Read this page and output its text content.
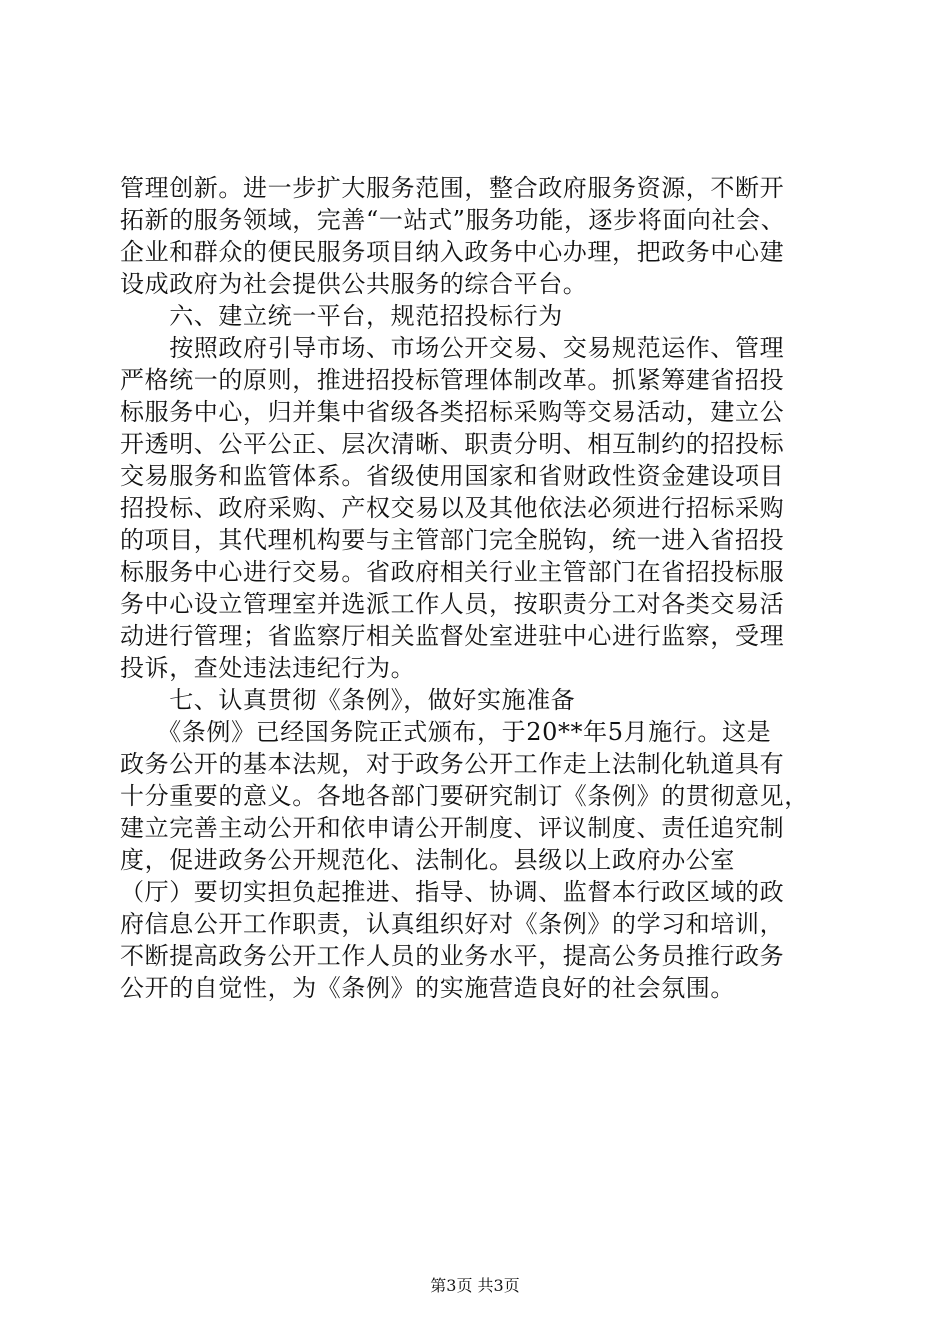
管理创新。进一步扩大服务范围，整合政府服务资源，不断开
拓新的服务领域，完善“一站式”服务功能，逐步将面向社会、
企业和群众的便民服务项目纳入政务中心办理，把政务中心建
设成政府为社会提供公共服务的综合平台。
　　六、建立统一平台，规范招投标行为
　　按照政府引导市场、市场公开交易、交易规范运作、管理
严格统一的原则，推进招投标管理体制改革。抓紧筹建省招投
标服务中心，归并集中省级各类招标采购等交易活动，建立公
开透明、公平公正、层次清晰、职责分明、相互制约的招投标
交易服务和监管体系。省级使用国家和省财政性资金建设项目
招投标、政府采购、产权交易以及其他依法必须进行招标采购
的项目，其代理机构要与主管部门完全脱钩，统一进入省招投
标服务中心进行交易。省政府相关行业主管部门在省招投标服
务中心设立管理室并选派工作人员，按职责分工对各类交易活
动进行管理；省监察厅相关监督处室进驻中心进行监察，受理
投诉，查处违法违纪行为。
　　七、认真贯彻《条例》，做好实施准备
　　《条例》已经国务院正式颁布，于20**年5月施行。这是
政务公开的基本法规，对于政务公开工作走上法制化轨道具有
十分重要的意义。各地各部门要研究制订《条例》的贯彻意见，
建立完善主动公开和依申请公开制度、评议制度、责任追究制
度，促进政务公开规范化、法制化。县级以上政府办公室
（厅）要切实担负起推进、指导、协调、监督本行政区域的政
府信息公开工作职责，认真组织好对《条例》的学习和培训，
不断提高政务公开工作人员的业务水平，提高公务员推行政务
公开的自觉性，为《条例》的实施营造良好的社会氛围。
第3页 共3页
